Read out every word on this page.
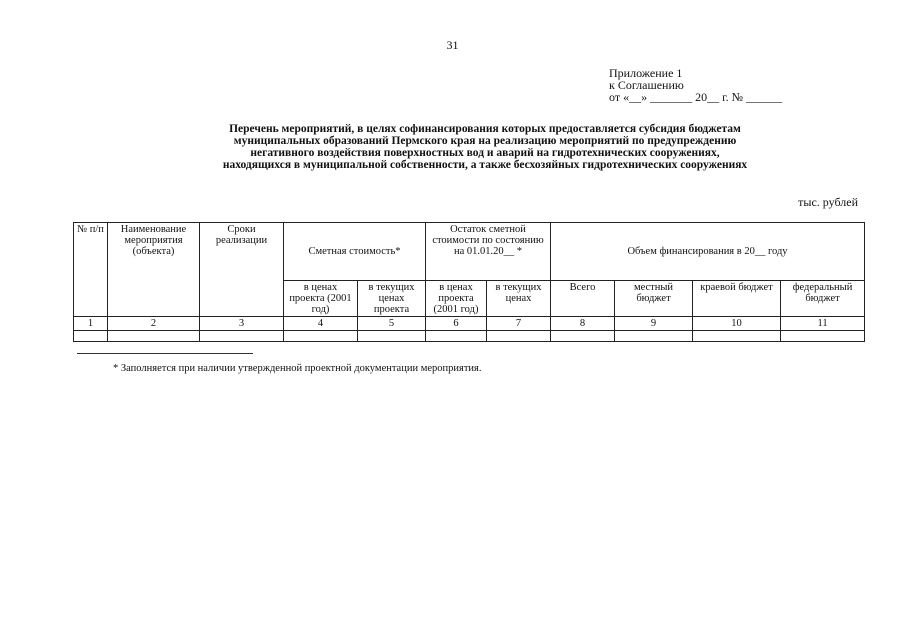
31
Приложение 1
к Соглашению
от «__» _______ 20__ г. № ______
Перечень мероприятий, в целях софинансирования которых предоставляется субсидия бюджетам
муниципальных образований Пермского края на реализацию мероприятий по предупреждению
негативного воздействия поверхностных вод и аварий на гидротехнических сооружениях,
находящихся в муниципальной собственности, а также бесхозяйных гидротехнических сооружениях
тыс. рублей
№ п/п	Наименование мероприятия (объекта)	Сроки реализации	Сметная стоимость*		Остаток сметной стоимости по состоянию на 01.01.20__ *		Объем финансирования в 20__ году			
			в ценах проекта (2001 год)	в текущих ценах проекта	в ценах проекта (2001 год)	в текущих ценах	Всего	местный бюджет	краевой бюджет	федеральный бюджет
1	2	3	4	5	6	7	8	9	10	11

* Заполняется при наличии утвержденной проектной документации мероприятия.
